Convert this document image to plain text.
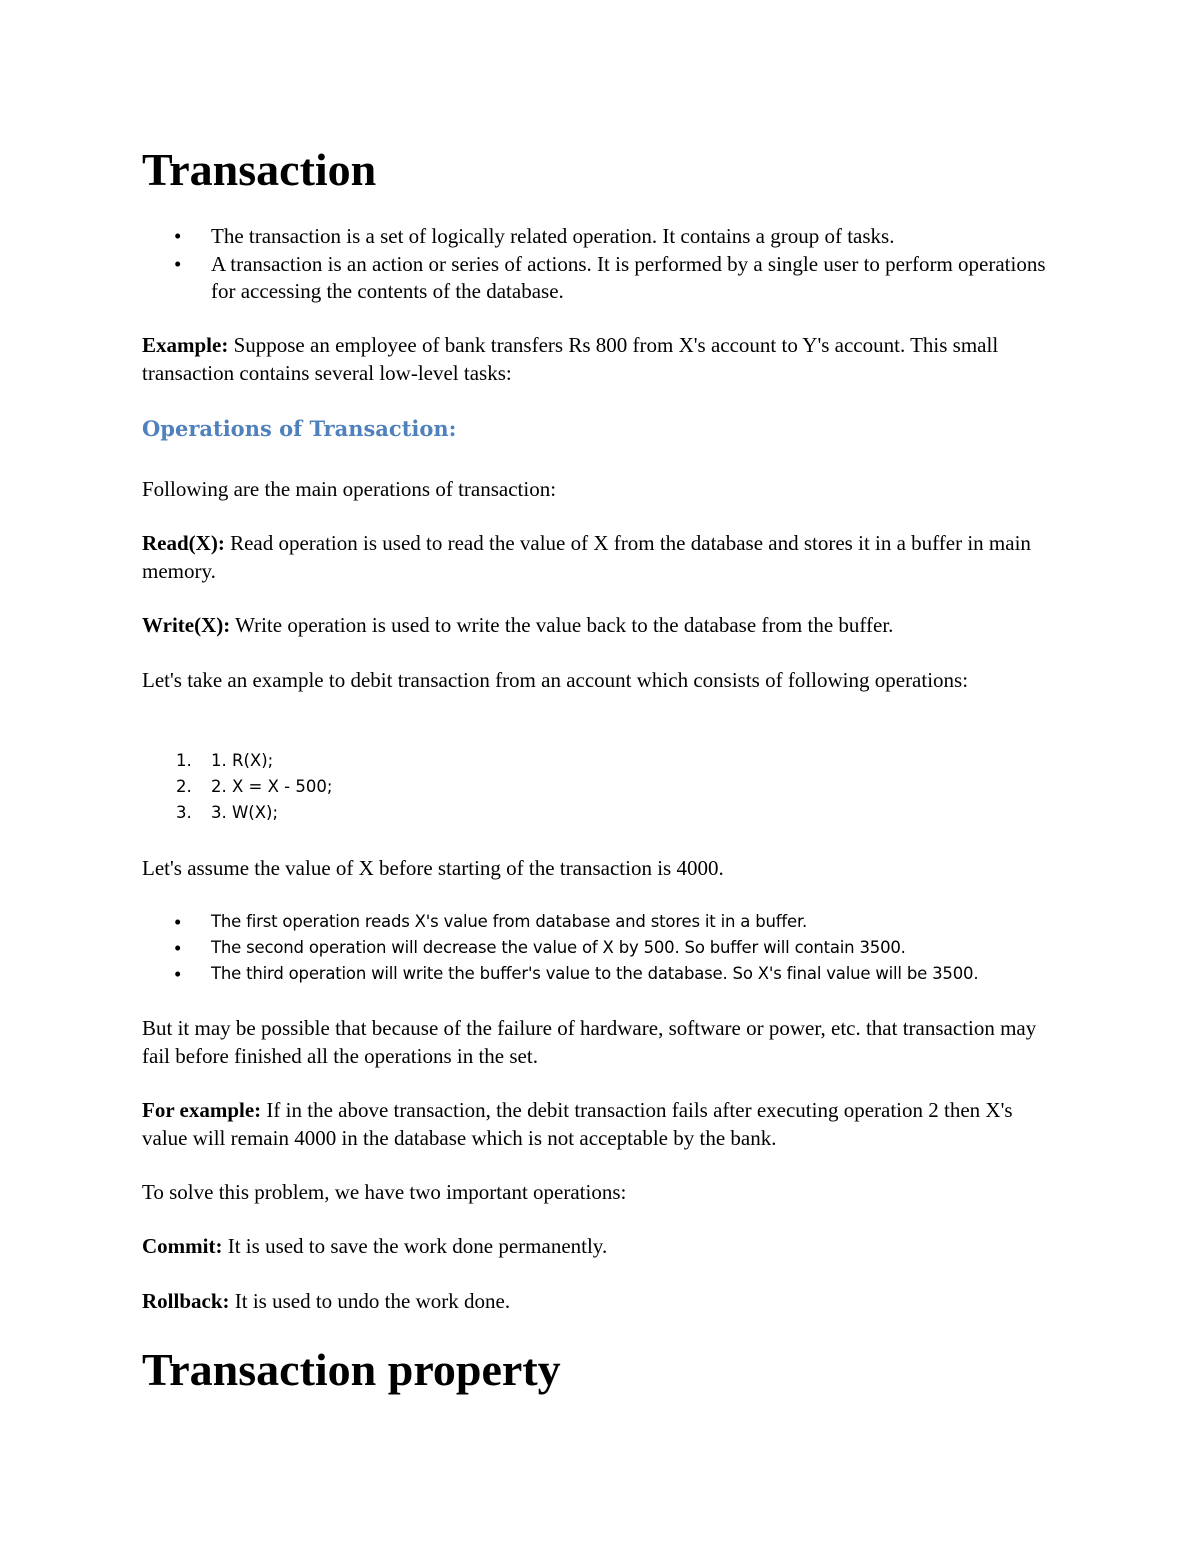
Transaction
• The transaction is a set of logically related operation. It contains a group of tasks.
• A transaction is an action or series of actions. It is performed by a single user to perform operations for accessing the contents of the database.

Example: Suppose an employee of bank transfers Rs 800 from X's account to Y's account. This small transaction contains several low-level tasks:

Operations of Transaction:

Following are the main operations of transaction:

Read(X): Read operation is used to read the value of X from the database and stores it in a buffer in main memory.

Write(X): Write operation is used to write the value back to the database from the buffer.

Let's take an example to debit transaction from an account which consists of following operations:

1. 1. R(X);
2. 2. X = X - 500;
3. 3. W(X);

Let's assume the value of X before starting of the transaction is 4000.

• The first operation reads X's value from database and stores it in a buffer.
• The second operation will decrease the value of X by 500. So buffer will contain 3500.
• The third operation will write the buffer's value to the database. So X's final value will be 3500.

But it may be possible that because of the failure of hardware, software or power, etc. that transaction may fail before finished all the operations in the set.

For example: If in the above transaction, the debit transaction fails after executing operation 2 then X's value will remain 4000 in the database which is not acceptable by the bank.

To solve this problem, we have two important operations:

Commit: It is used to save the work done permanently.

Rollback: It is used to undo the work done.

Transaction property
